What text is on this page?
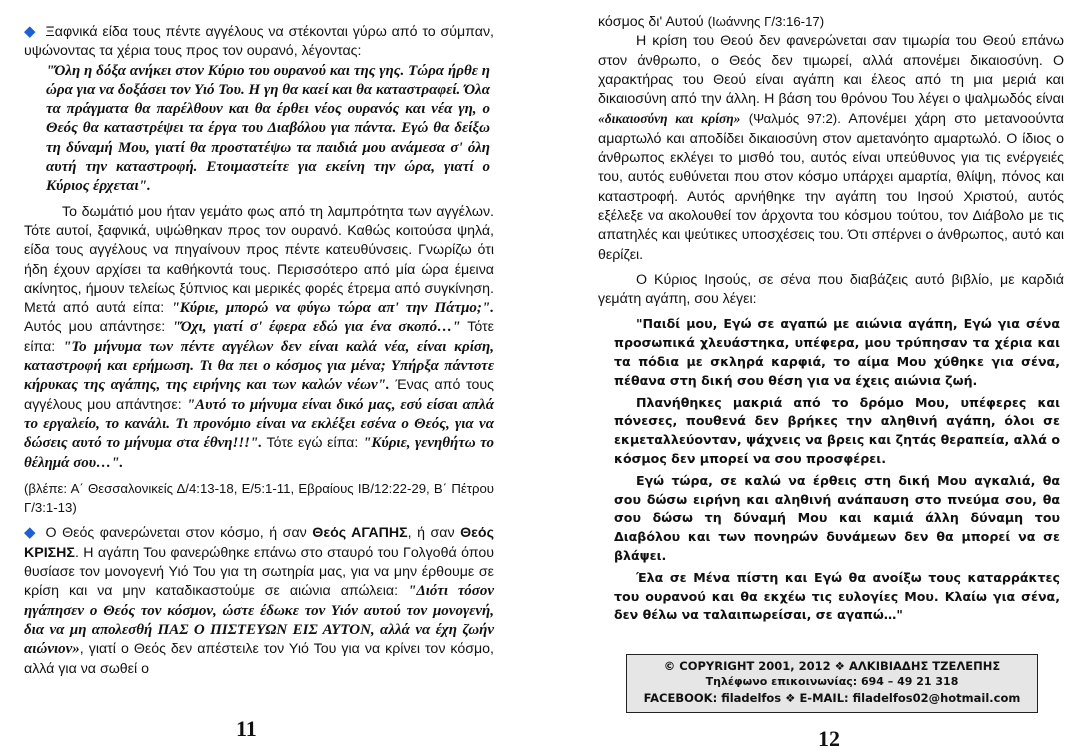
◆ Ξαφνικά είδα τους πέντε αγγέλους να στέκονται γύρω από το σύμπαν, υψώνοντας τα χέρια τους προς τον ουρανό, λέγοντας:

"Όλη η δόξα ανήκει στον Κύριο του ουρανού και της γης. Τώρα ήρθε η ώρα για να δοξάσει τον Υιό Του. Η γη θα καεί και θα καταστραφεί. Όλα τα πράγματα θα παρέλθουν και θα έρθει νέος ουρανός και νέα γη, ο Θεός θα καταστρέψει τα έργα του Διαβόλου για πάντα. Εγώ θα δείξω τη δύναμή Μου, γιατί θα προστατέψω τα παιδιά μου ανάμεσα σ' όλη αυτή την καταστροφή. Ετοιμαστείτε για εκείνη την ώρα, γιατί ο Κύριος έρχεται".

Το δωμάτιό μου ήταν γεμάτο φως από τη λαμπρότητα των αγγέλων. Τότε αυτοί, ξαφνικά, υψώθηκαν προς τον ουρανό. Καθώς κοιτούσα ψηλά, είδα τους αγγέλους να πηγαίνουν προς πέντε κατευθύνσεις. Γνωρίζω ότι ήδη έχουν αρχίσει τα καθήκοντά τους. Περισσότερο από μία ώρα έμεινα ακίνητος, ήμουν τελείως ξύπνιος και μερικές φορές έτρεμα από συγκίνηση. Μετά από αυτά είπα: "Κύριε, μπορώ να φύγω τώρα απ' την Πάτμο;". Αυτός μου απάντησε: "Όχι, γιατί σ' έφερα εδώ για ένα σκοπό…" Τότε είπα: "Το μήνυμα των πέντε αγγέλων δεν είναι καλά νέα, είναι κρίση, καταστροφή και ερήμωση. Τι θα πει ο κόσμος για μένα; Υπήρξα πάντοτε κήρυκας της αγάπης, της ειρήνης και των καλών νέων". Ένας από τους αγγέλους μου απάντησε: "Αυτό το μήνυμα είναι δικό μας, εσύ είσαι απλά το εργαλείο, το κανάλι. Τι προνόμιο είναι να εκλέξει εσένα ο Θεός, για να δώσεις αυτό το μήνυμα στα έθνη!!!". Τότε εγώ είπα: "Κύριε, γενηθήτω το θέλημά σου…".

(βλέπε: Α΄ Θεσσαλονικείς Δ/4:13-18, Ε/5:1-11, Εβραίους ΙΒ/12:22-29, Β΄ Πέτρου Γ/3:1-13)

◆ Ο Θεός φανερώνεται στον κόσμο, ή σαν Θεός ΑΓΑΠΗΣ, ή σαν Θεός ΚΡΙΣΗΣ. Η αγάπη Του φανερώθηκε επάνω στο σταυρό του Γολγοθά όπου θυσίασε τον μονογενή Υιό Του για τη σωτηρία μας, για να μην έρθουμε σε κρίση και να μην καταδικαστούμε σε αιώνια απώλεια: "Διότι τόσον ηγάπησεν ο Θεός τον κόσμον, ώστε έδωκε τον Υιόν αυτού τον μονογενή, δια να μη απολεσθή ΠΑΣ Ο ΠΙΣΤΕΥΩΝ ΕΙΣ ΑΥΤΟΝ, αλλά να έχη ζωήν αιώνιον», γιατί ο Θεός δεν απέστειλε τον Υιό Του για να κρίνει τον κόσμο, αλλά για να σωθεί ο

11

κόσμος δι' Αυτού (Ιωάννης Γ/3:16-17)

Η κρίση του Θεού δεν φανερώνεται σαν τιμωρία του Θεού επάνω στον άνθρωπο, ο Θεός δεν τιμωρεί, αλλά απονέμει δικαιοσύνη. Ο χαρακτήρας του Θεού είναι αγάπη και έλεος από τη μια μεριά και δικαιοσύνη από την άλλη. Η βάση του θρόνου Του λέγει ο ψαλμωδός είναι «δικαιοσύνη και κρίση» (Ψαλμός 97:2). Απονέμει χάρη στο μετανοούντα αμαρτωλό και αποδίδει δικαιοσύνη στον αμετανόητο αμαρτωλό. Ο ίδιος ο άνθρωπος εκλέγει το μισθό του, αυτός είναι υπεύθυνος για τις ενέργειές του, αυτός ευθύνεται που στον κόσμο υπάρχει αμαρτία, θλίψη, πόνος και καταστροφή. Αυτός αρνήθηκε την αγάπη του Ιησού Χριστού, αυτός εξέλεξε να ακολουθεί τον άρχοντα του κόσμου τούτου, τον Διάβολο με τις απατηλές και ψεύτικες υποσχέσεις του. Ότι σπέρνει ο άνθρωπος, αυτό και θερίζει.

Ο Κύριος Ιησούς, σε σένα που διαβάζεις αυτό βιβλίο, με καρδιά γεμάτη αγάπη, σου λέγει:

"Παιδί μου, Εγώ σε αγαπώ με αιώνια αγάπη, Εγώ για σένα προσωπικά χλευάστηκα, υπέφερα, μου τρύπησαν τα χέρια και τα πόδια με σκληρά καρφιά, το αίμα Μου χύθηκε για σένα, πέθανα στη δική σου θέση για να έχεις αιώνια ζωή.

Πλανήθηκες μακριά από το δρόμο Μου, υπέφερες και πόνεσες, πουθενά δεν βρήκες την αληθινή αγάπη, όλοι σε εκμεταλλεύονταν, ψάχνεις να βρεις και ζητάς θεραπεία, αλλά ο κόσμος δεν μπορεί να σου προσφέρει.

Εγώ τώρα, σε καλώ να έρθεις στη δική Μου αγκαλιά, θα σου δώσω ειρήνη και αληθινή ανάπαυση στο πνεύμα σου, θα σου δώσω τη δύναμή Μου και καμιά άλλη δύναμη του Διαβόλου και των πονηρών δυνάμεων δεν θα μπορεί να σε βλάψει.

Έλα σε Μένα πίστη και Εγώ θα ανοίξω τους καταρράκτες του ουρανού και θα εκχέω τις ευλογίες Μου. Κλαίω για σένα, δεν θέλω να ταλαιπωρείσαι, σε αγαπώ…"

© COPYRIGHT 2001, 2012 ❖ ΑΛΚΙΒΙΑΔΗΣ ΤΖΕΛΕΠΗΣ
Τηλέφωνο επικοινωνίας: 694 – 49 21 318
FACEBOOK: filadelfos ❖ E-MAIL: filadelfos02@hotmail.com
12
